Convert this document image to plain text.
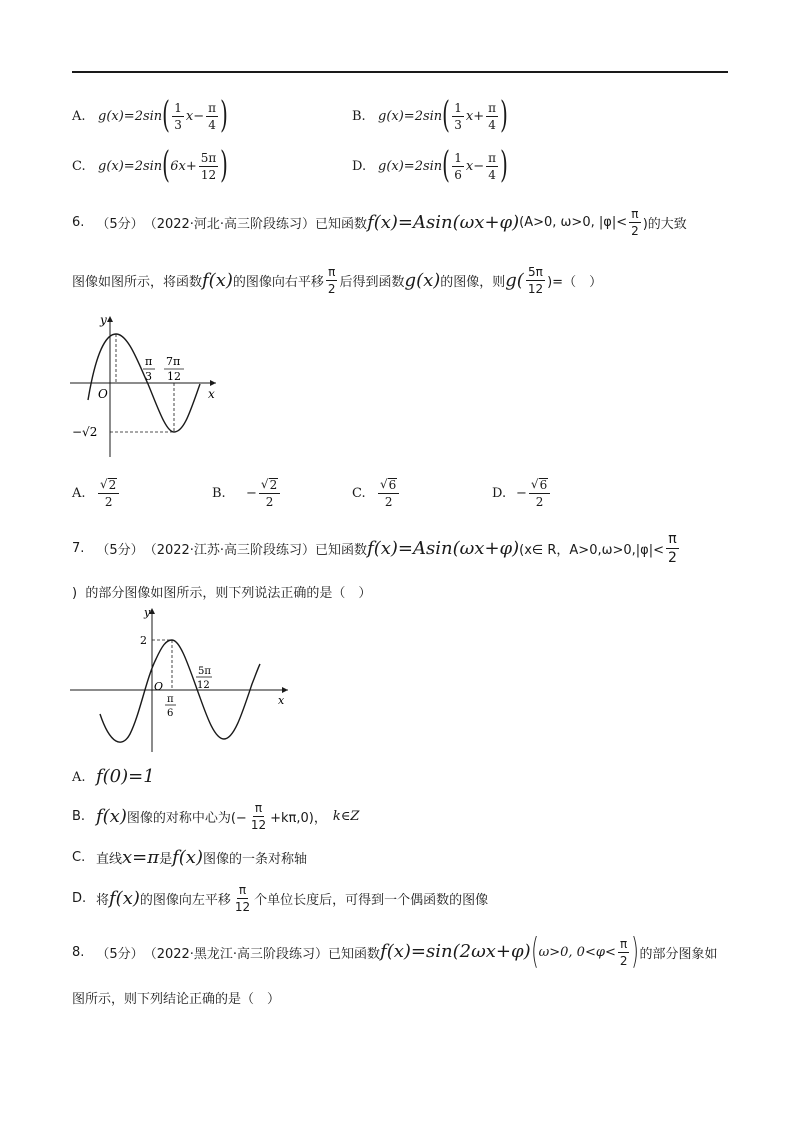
A. g(x)=2sin ( $\frac{1}{3} x- \frac{\pi}{4}$ )	B. g(x)=2sin ( $\frac{1}{3} x+ \frac{\pi}{4}$ )
C. g(x)=2sin ( $6x+ \frac{5\pi}{12}$ )	D. g(x)=2sin ( $\frac{1}{6} x- \frac{\pi}{4}$ )
6. （5分） （2022·河北·高三阶段练习） 已知函数 f(x)=Asin(ωx+φ) (A>0, ω>0, $|\varphi|< \frac{\pi}{2}$ )的大致
图像如图所示，将函数 f(x) 的图像向右平移 $\frac{\pi}{2}$ 后得到函数 g(x) 的图像，则 $g( \frac{5\pi}{12}$ )=（　）
y
x
O
π
3
7π
12
−√2
A.	$\frac{√ 2}{2}$	B.	− $\frac{√ 2}{2}$	C.	$\frac{√ 6}{2}$	D. − $\frac{√ 6}{2}$
7. （5分） （2022·江苏·高三阶段练习） 已知函数 f(x)=Asin(ωx+φ) (x∈ R，$A>0,\omega>0,|\varphi|< \frac{\pi}{2}$
)  的部分图像如图所示，则下列说法正确的是（　）
y
x
2
O
π
6
5π
12
A. f(0)=1
B. f(x) 图像的对称中心为(− $\frac{\pi}{12} +k\pi,0$)， k∈Z
C. 直线 x=π 是 f(x) 图像的一条对称轴
D. 将 f(x) 的图像向左平移 $\frac{\pi}{12}$ 个单位长度后，可得到一个偶函数的图像
8. （5分） （2022·黑龙江·高三阶段练习） 已知函数 f(x)=sin(2ωx+φ) ( ω>0, $0<\varphi< \frac{\pi}{2}$ ) 的部分图象如
图所示，则下列结论正确的是（　）
